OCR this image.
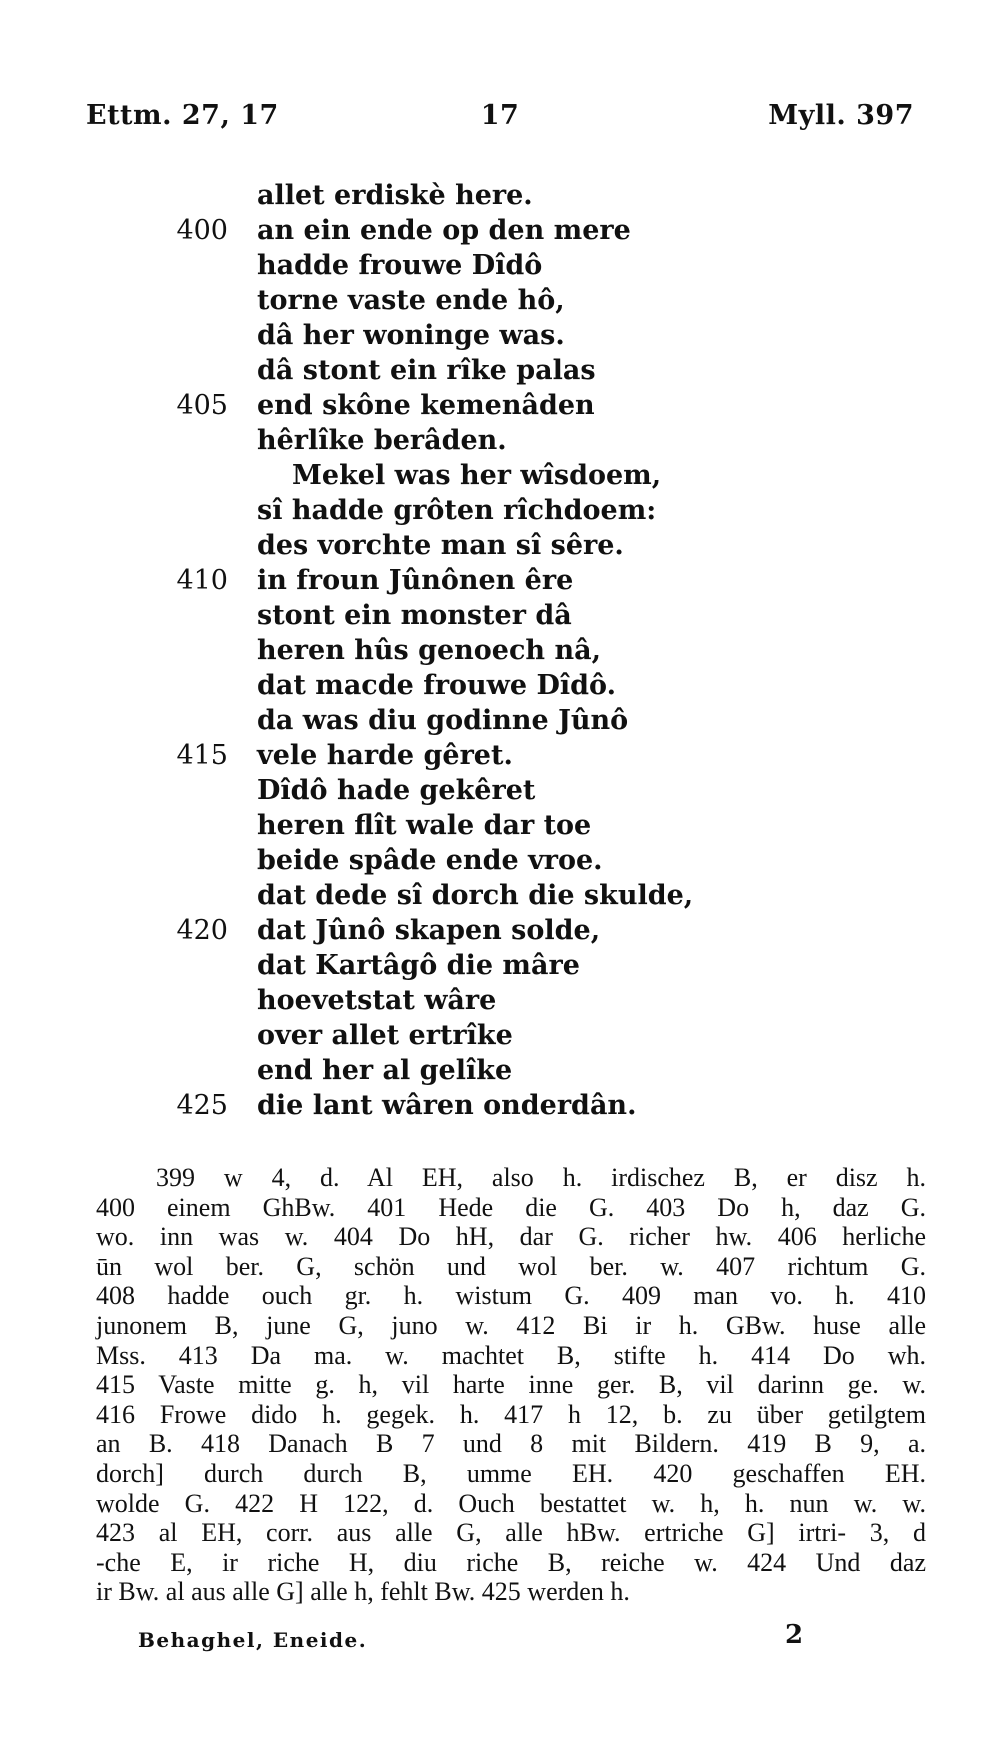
Ettm. 27, 17	17	Myll. 397
allet erdiskè here.
400 an ein ende op den mere
hadde frouwe Dîdô
torne vaste ende hô,
dâ her woninge was.
dâ stont ein rîke palas
405 end skône kemenâden
hêrlîke berâden.
Mekel was her wîsdoem,
sî hadde grôten rîchdoem:
des vorchte man sî sêre.
410 in froun Jûnônen êre
stont ein monster dâ
heren hûs genoech nâ,
dat macde frouwe Dîdô.
da was diu godinne Jûnô
415 vele harde gêret.
Dîdô hade gekêret
heren flît wale dar toe
beide spâde ende vroe.
dat dede sî dorch die skulde,
420 dat Jûnô skapen solde,
dat Kartâgô die mâre
hoevetstat wâre
over allet ertrîke
end her al gelîke
425 die lant wâren onderdân.
399 w 4, d. Al EH, also h. irdischez B, er disz h.
400 einem GhBw. 401 Hede die G. 403 Do h, daz G.
wo. inn was w. 404 Do hH, dar G. richer hw. 406 herliche
ūn wol ber. G, schön und wol ber. w. 407 richtum G.
408 hadde ouch gr. h. wistum G. 409 man vo. h. 410
junonem B, june G, juno w. 412 Bi ir h. GBw. huse alle
Mss. 413 Da ma. w. machtet B, stifte h. 414 Do wh.
415 Vaste mitte g. h, vil harte inne ger. B, vil darinn ge. w.
416 Frowe dido h. gegek. h. 417 h 12, b. zu über getilgtem
an B. 418 Danach B 7 und 8 mit Bildern. 419 B 9, a.
dorch] durch durch B, umme EH. 420 geschaffen EH.
wolde G. 422 H 122, d. Ouch bestattet w. h, h. nun w. w.
423 al EH, corr. aus alle G, alle hBw. ertriche G] irtri- 3, d
-che E, ir riche H, diu riche B, reiche w. 424 Und daz
ir Bw. al aus alle G] alle h, fehlt Bw. 425 werden h.
Behaghel, Eneide.	2
